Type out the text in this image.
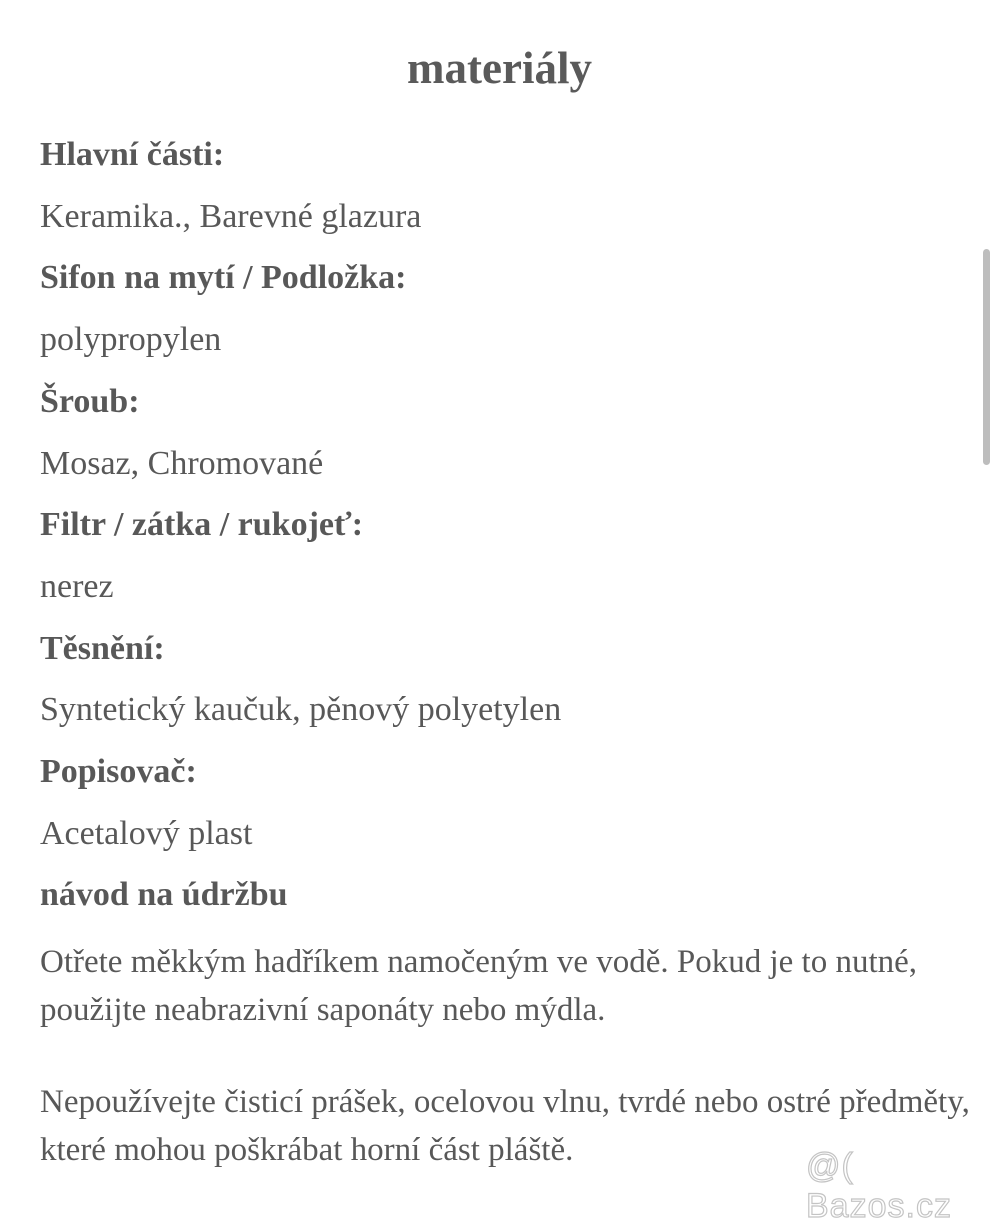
materiály
Hlavní části:
Keramika., Barevné glazura
Sifon na mytí / Podložka:
polypropylen
Šroub:
Mosaz, Chromované
Filtr / zátka / rukojeť:
nerez
Těsnění:
Syntetický kaučuk, pěnový polyetylen
Popisovač:
Acetalový plast
návod na údržbu
Otřete měkkým hadříkem namočeným ve vodě. Pokud je to nutné, použijte neabrazivní saponáty nebo mýdla.
Nepoužívejte čisticí prášek, ocelovou vlnu, tvrdé nebo ostré předměty, které mohou poškrábat horní část pláště.	@( Bazos.cz
